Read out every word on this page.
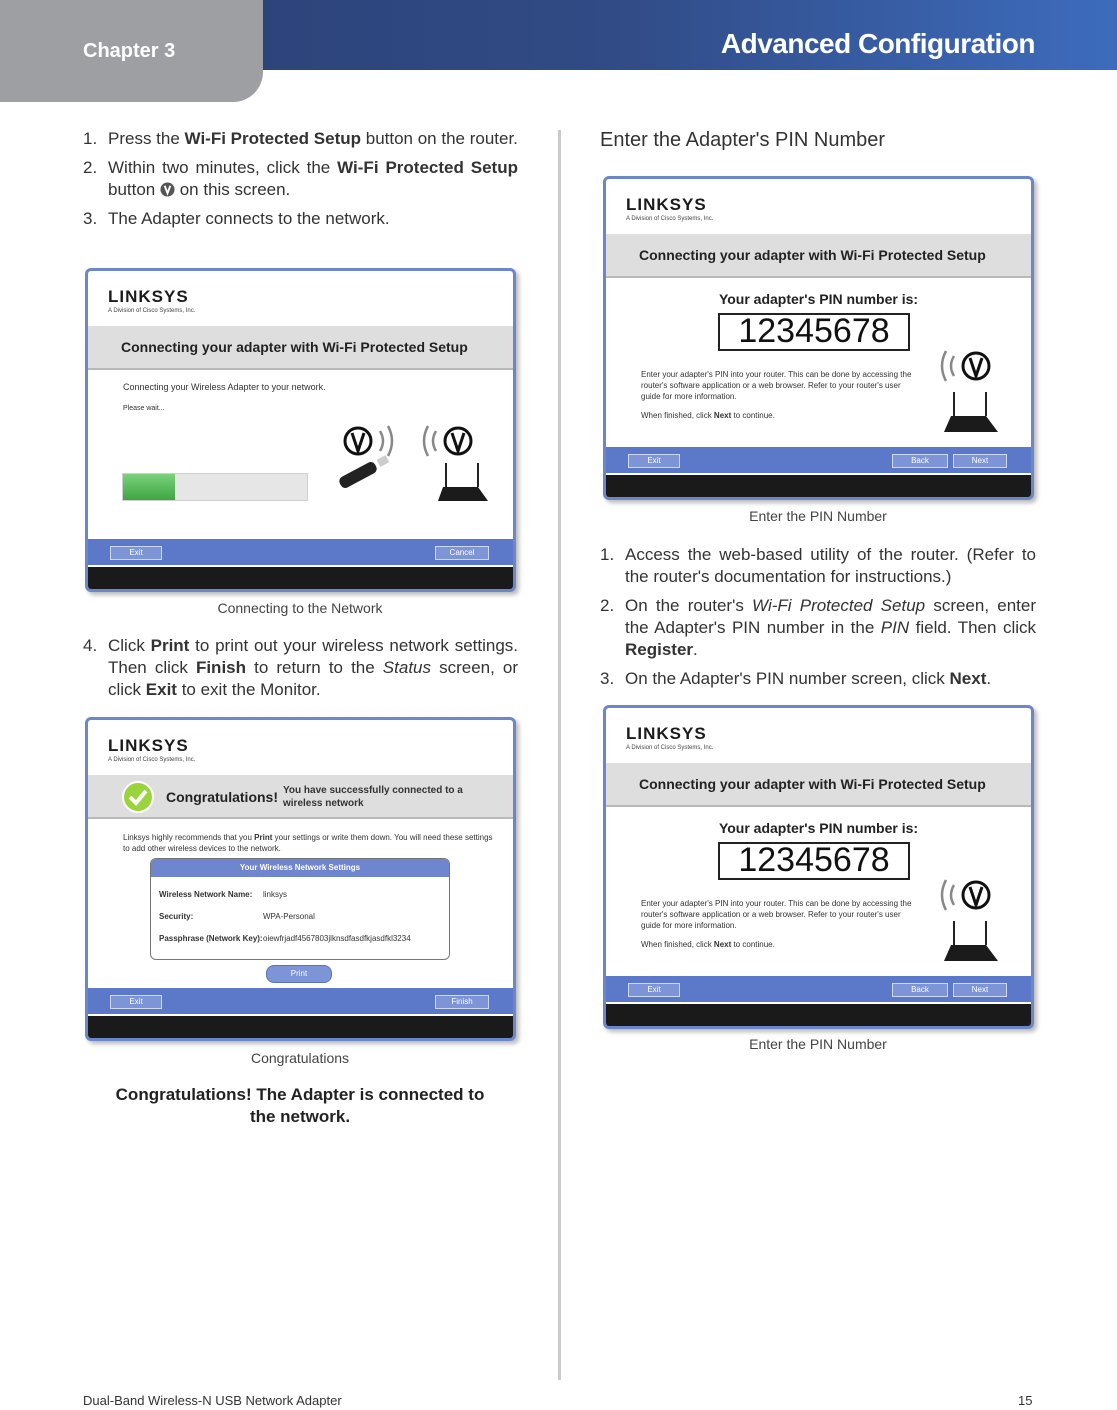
Chapter 3	Advanced Configuration
1. Press the Wi-Fi Protected Setup button on the router.
2. Within two minutes, click the Wi-Fi Protected Setup button  on this screen.
3. The Adapter connects to the network.
LINKSYS
A Division of Cisco Systems, Inc.
Connecting your adapter with Wi-Fi Protected Setup
Connecting your Wireless Adapter to your network.
Please wait...
Exit	Cancel
Connecting to the Network
4. Click Print to print out your wireless network settings. Then click Finish to return to the Status screen, or click Exit to exit the Monitor.
LINKSYS
A Division of Cisco Systems, Inc.
Congratulations! You have successfully connected to a wireless network
Linksys highly recommends that you Print your settings or write them down. You will need these settings to add other wireless devices to the network.
Your Wireless Network Settings
Wireless Network Name: linksys
Security:	WPA-Personal
Passphrase (Network Key): oiewfrjadf4567803jlknsdfasdfkjasdfkl3234
Print
Exit	Finish
Congratulations
Congratulations! The Adapter is connected to the network.
Enter the Adapter's PIN Number
LINKSYS
A Division of Cisco Systems, Inc.
Connecting your adapter with Wi-Fi Protected Setup
Your adapter's PIN number is:
12345678
Enter your adapter's PIN into your router. This can be done by accessing the router's software application or a web browser. Refer to your router's user guide for more information.
When finished, click Next to continue.
Exit	Back	Next
Enter the PIN Number
1. Access the web-based utility of the router. (Refer to the router's documentation for instructions.)
2. On the router's Wi-Fi Protected Setup screen, enter the Adapter's PIN number in the PIN field. Then click Register.
3. On the Adapter's PIN number screen, click Next.
LINKSYS
A Division of Cisco Systems, Inc.
Connecting your adapter with Wi-Fi Protected Setup
Your adapter's PIN number is:
12345678
Enter your adapter's PIN into your router. This can be done by accessing the router's software application or a web browser. Refer to your router's user guide for more information.
When finished, click Next to continue.
Exit	Back	Next
Enter the PIN Number
Dual-Band Wireless-N USB Network Adapter	15
